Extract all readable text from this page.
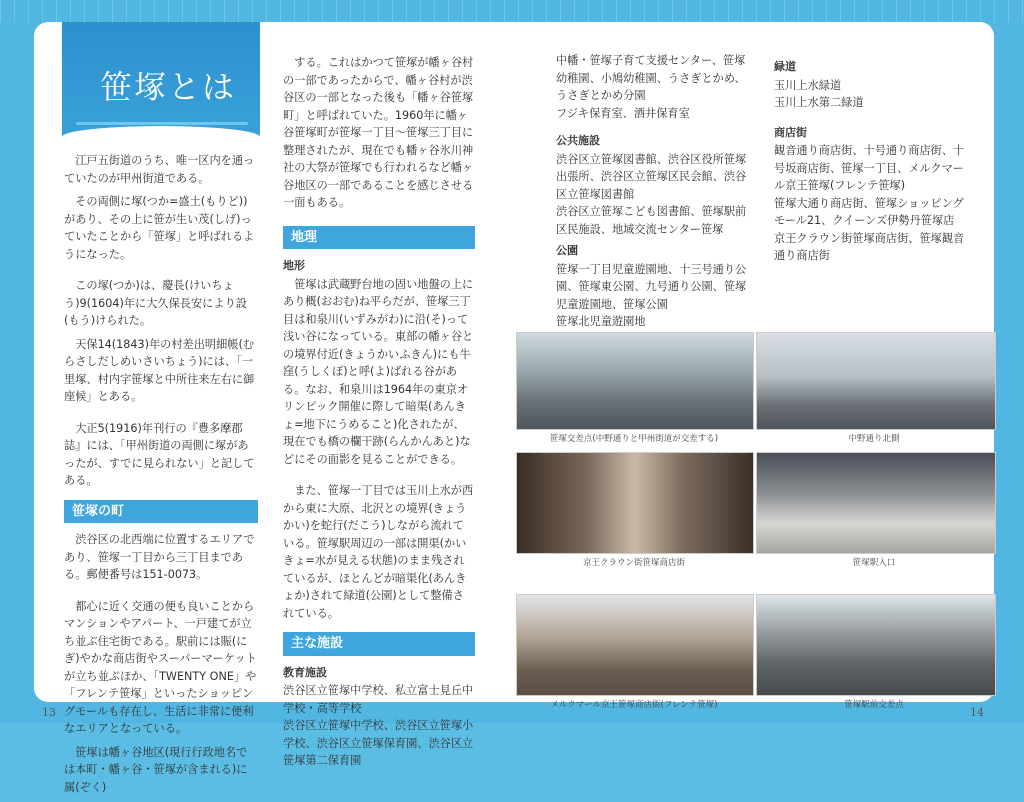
笹塚とは

江戸五街道のうち、唯一区内を通っていたのが甲州街道である。

その両側に塚(つか=盛土(もりど))があり、その上に笹が生い茂(しげ)っていたことから「笹塚」と呼ばれるようになった。

この塚(つか)は、慶長(けいちょう)9(1604)年に大久保長安により設(もう)けられた。

天保14(1843)年の村差出明細帳(むらさしだしめいさいちょう)には、「一里塚、村内字笹塚と中所往来左右に御座候」とある。

大正5(1916)年刊行の『豊多摩郡誌』には、「甲州街道の両側に塚があったが、すでに見られない」と記してある。

笹塚の町

渋谷区の北西端に位置するエリアであり、笹塚一丁目から三丁目まである。郵便番号は151-0073。

都心に近く交通の便も良いことからマンションやアパート、一戸建てが立ち並ぶ住宅街である。駅前には賑(にぎ)やかな商店街やスーパーマーケットが立ち並ぶほか、「TWENTY ONE」や「フレンテ笹塚」といったショッピングモールも存在し、生活に非常に便利なエリアとなっている。

笹塚は幡ヶ谷地区(現行行政地名では本町・幡ヶ谷・笹塚が含まれる)に属(ぞく)

する。これはかつて笹塚が幡ヶ谷村の一部であったからで、幡ヶ谷村が渋谷区の一部となった後も「幡ヶ谷笹塚町」と呼ばれていた。1960年に幡ヶ谷笹塚町が笹塚一丁目～笹塚三丁目に整理されたが、現在でも幡ヶ谷氷川神社の大祭が笹塚でも行われるなど幡ヶ谷地区の一部であることを感じさせる一面もある。

地理
地形

笹塚は武蔵野台地の固い地盤の上にあり概(おおむ)ね平らだが、笹塚三丁目は和泉川(いずみがわ)に沿(そ)って浅い谷になっている。東部の幡ヶ谷との境界付近(きょうかいふきん)にも牛窪(うしくぼ)と呼(よ)ばれる谷がある。なお、和泉川は1964年の東京オリンピック開催に際して暗渠(あんきょ=地下にうめること)化されたが、現在でも橋の欄干跡(らんかんあと)などにその面影を見ることができる。

また、笹塚一丁目では玉川上水が西から東に大原、北沢との境界(きょうかい)を蛇行(だこう)しながら流れている。笹塚駅周辺の一部は開渠(かいきょ=水が見える状態)のまま残されているが、ほとんどが暗渠化(あんきょか)されて緑道(公園)として整備されている。

主な施設
教育施設
渋谷区立笹塚中学校、私立富士見丘中学校・高等学校
渋谷区立笹塚中学校、渋谷区立笹塚小学校、渋谷区立笹塚保育園、渋谷区立笹塚第二保育園
中幡・笹塚子育て支援センター、笹塚幼稚園、小鳩幼稚園、うさぎとかめ、うさぎとかめ分園
フジキ保育室、酒井保育室
公共施設
渋谷区立笹塚図書館、渋谷区役所笹塚出張所、渋谷区立笹塚区民会館、渋谷区立笹塚図書館
渋谷区立笹塚こども図書館、笹塚駅前区民施設、地域交流センター笹塚
公園
笹塚一丁目児童遊園地、十三号通り公園、笹塚東公園、九号通り公園、笹塚児童遊園地、笹塚公園
笹塚北児童遊園地
緑道
玉川上水緑道
玉川上水第二緑道
商店街
観音通り商店街、十号通り商店街、十号坂商店街、笹塚一丁目、メルクマール京王笹塚(フレンテ笹塚)
笹塚大通り商店街、笹塚ショッピングモール21、クイーンズ伊勢丹笹塚店
京王クラウン街笹塚商店街、笹塚観音通り商店街
笹塚交差点(中野通りと甲州街道が交差する)	中野通り北側
京王クラウン街笹塚商店街	笹塚駅入口
メルクマール京王笹塚商店街(フレンテ笹塚)	笹塚駅前交差点
13	14
